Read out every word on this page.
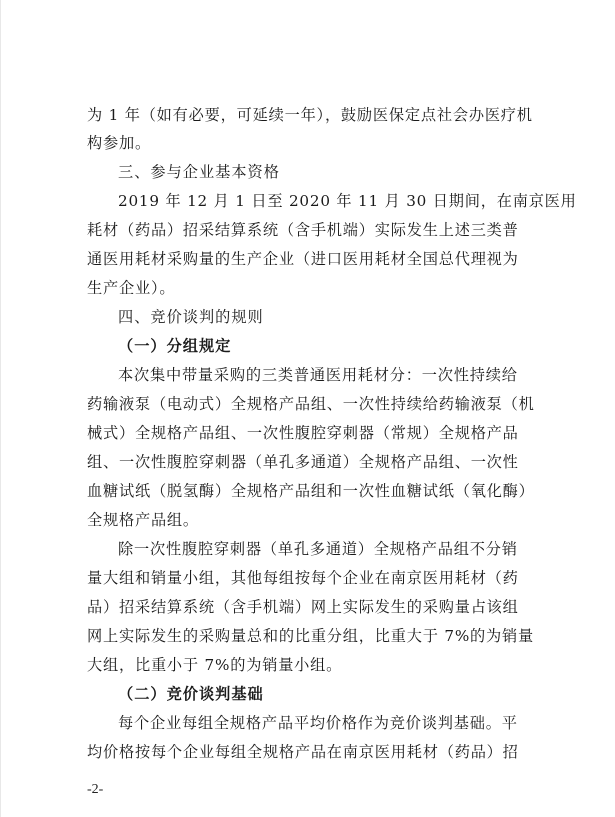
为 1 年（如有必要，可延续一年），鼓励医保定点社会办医疗机
构参加。
三、参与企业基本资格
2019 年 12 月 1 日至 2020 年 11 月 30 日期间，在南京医用
耗材（药品）招采结算系统（含手机端）实际发生上述三类普
通医用耗材采购量的生产企业（进口医用耗材全国总代理视为
生产企业）。
四、竞价谈判的规则
（一）分组规定
本次集中带量采购的三类普通医用耗材分：一次性持续给
药输液泵（电动式）全规格产品组、一次性持续给药输液泵（机
械式）全规格产品组、一次性腹腔穿刺器（常规）全规格产品
组、一次性腹腔穿刺器（单孔多通道）全规格产品组、一次性
血糖试纸（脱氢酶）全规格产品组和一次性血糖试纸（氧化酶）
全规格产品组。
除一次性腹腔穿刺器（单孔多通道）全规格产品组不分销
量大组和销量小组，其他每组按每个企业在南京医用耗材（药
品）招采结算系统（含手机端）网上实际发生的采购量占该组
网上实际发生的采购量总和的比重分组，比重大于 7%的为销量
大组，比重小于 7%的为销量小组。
（二）竞价谈判基础
每个企业每组全规格产品平均价格作为竞价谈判基础。平
均价格按每个企业每组全规格产品在南京医用耗材（药品）招
-2-
